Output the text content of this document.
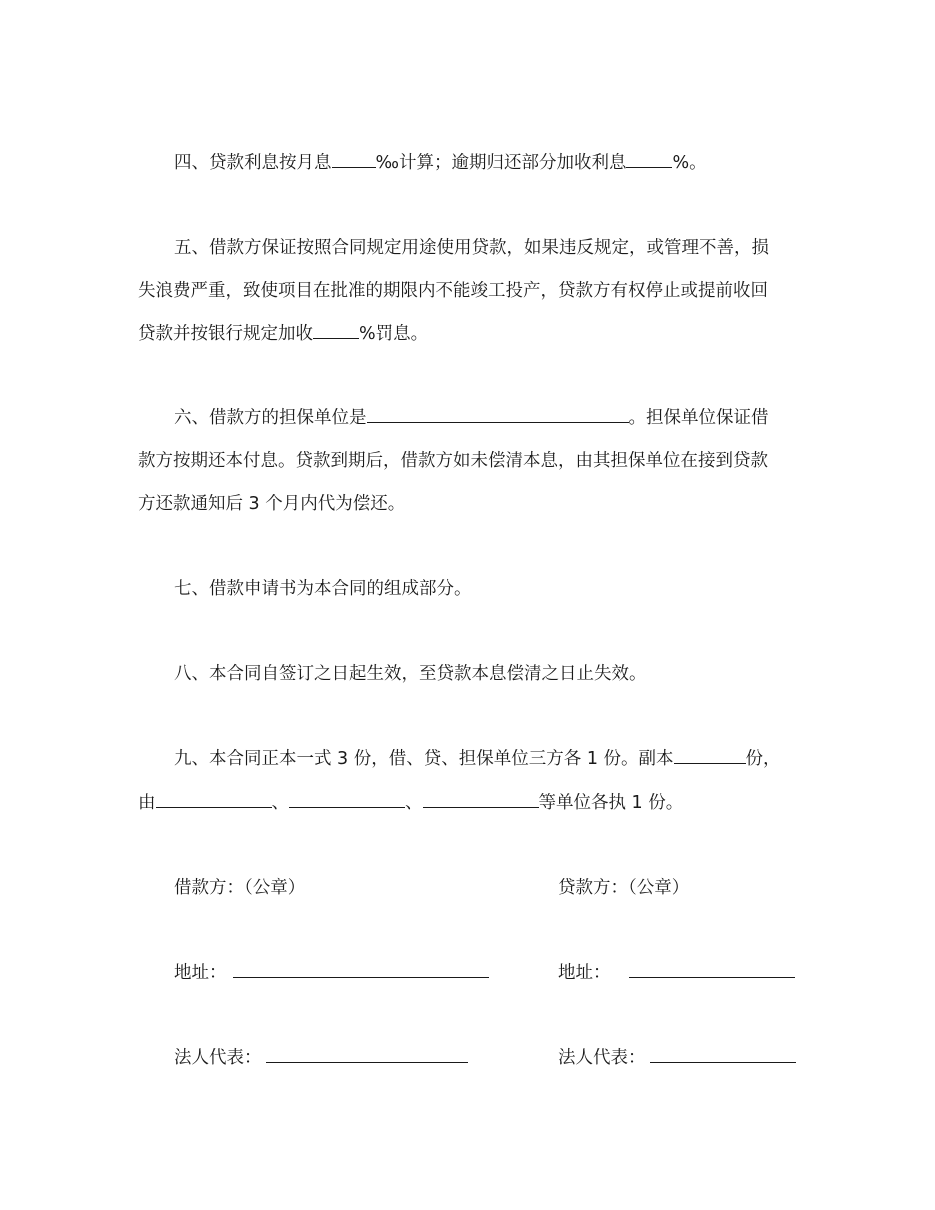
四、贷款利息按月息	‰计算；逾期归还部分加收利息	%。
五、借款方保证按照合同规定用途使用贷款，如果违反规定，或管理不善，损
失浪费严重，致使项目在批准的期限内不能竣工投产，贷款方有权停止或提前收回
贷款并按银行规定加收	%罚息。
六、借款方的担保单位是	。担保单位保证借
款方按期还本付息。贷款到期后，借款方如未偿清本息，由其担保单位在接到贷款
方还款通知后 3 个月内代为偿还。
七、借款申请书为本合同的组成部分。
八、本合同自签订之日起生效，至贷款本息偿清之日止失效。
九、本合同正本一式 3 份，借、贷、担保单位三方各 1 份。副本	份，
由	、	、	等单位各执 1 份。
借款方：（公章）	贷款方：（公章）
地址：	地址：
法人代表：	法人代表：
